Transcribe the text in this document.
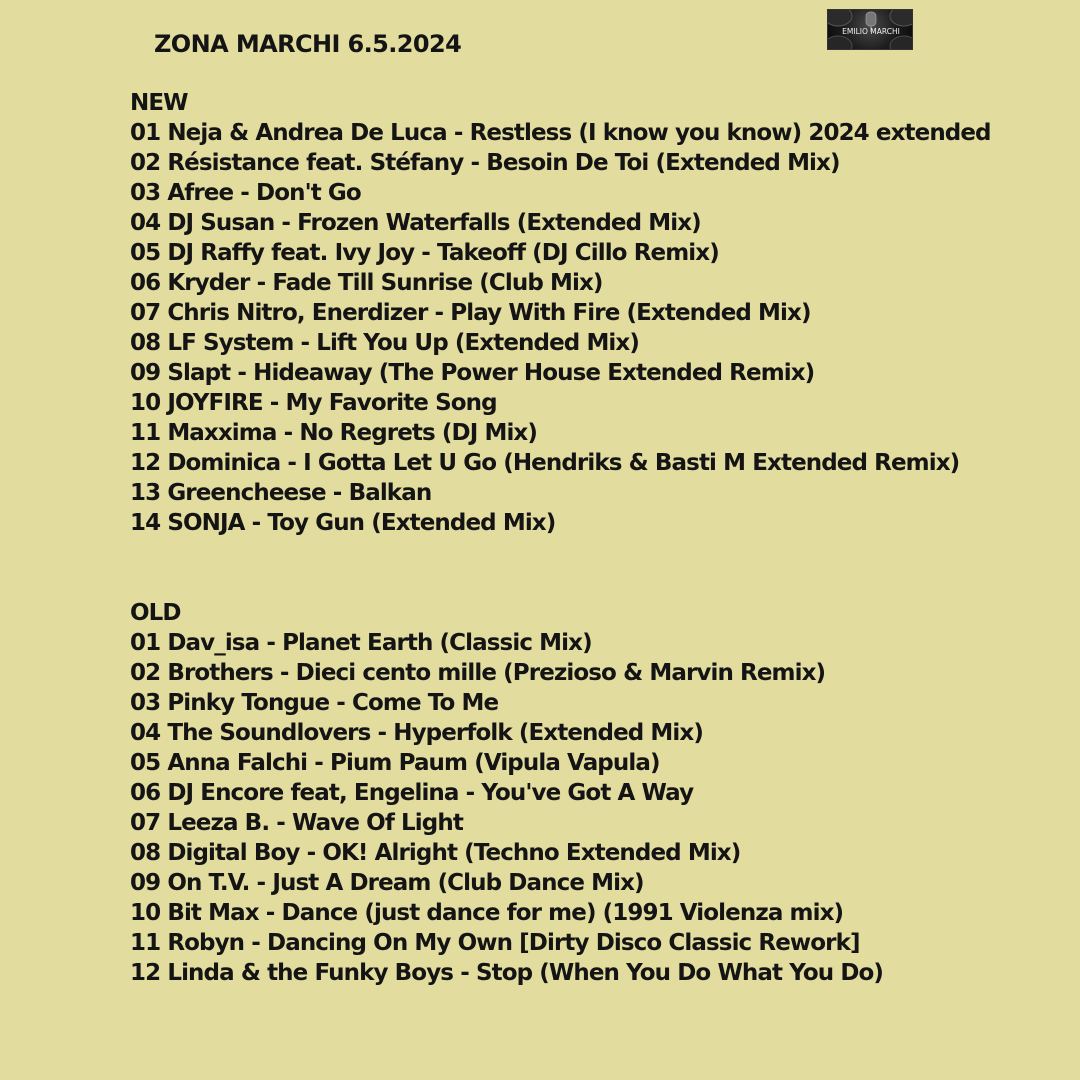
ZONA MARCHI 6.5.2024	EMILIO MARCHI
NEW
01 Neja & Andrea De Luca - Restless (I know you know) 2024 extended
02 Résistance feat. Stéfany - Besoin De Toi (Extended Mix)
03 Afree - Don't Go
04 DJ Susan - Frozen Waterfalls (Extended Mix)
05 DJ Raffy feat. Ivy Joy - Takeoff (DJ Cillo Remix)
06 Kryder - Fade Till Sunrise (Club Mix)
07 Chris Nitro, Enerdizer - Play With Fire (Extended Mix)
08 LF System - Lift You Up (Extended Mix)
09 Slapt - Hideaway (The Power House Extended Remix)
10 JOYFIRE - My Favorite Song
11 Maxxima - No Regrets (DJ Mix)
12 Dominica - I Gotta Let U Go (Hendriks & Basti M Extended Remix)
13 Greencheese - Balkan
14 SONJA - Toy Gun (Extended Mix)
OLD
01 Dav_isa - Planet Earth (Classic Mix)
02 Brothers - Dieci cento mille (Prezioso & Marvin Remix)
03 Pinky Tongue - Come To Me
04 The Soundlovers - Hyperfolk (Extended Mix)
05 Anna Falchi - Pium Paum (Vipula Vapula)
06 DJ Encore feat, Engelina - You've Got A Way
07 Leeza B. - Wave Of Light
08 Digital Boy - OK! Alright (Techno Extended Mix)
09 On T.V. - Just A Dream (Club Dance Mix)
10 Bit Max - Dance (just dance for me) (1991 Violenza mix)
11 Robyn - Dancing On My Own [Dirty Disco Classic Rework]
12 Linda & the Funky Boys - Stop (When You Do What You Do)
